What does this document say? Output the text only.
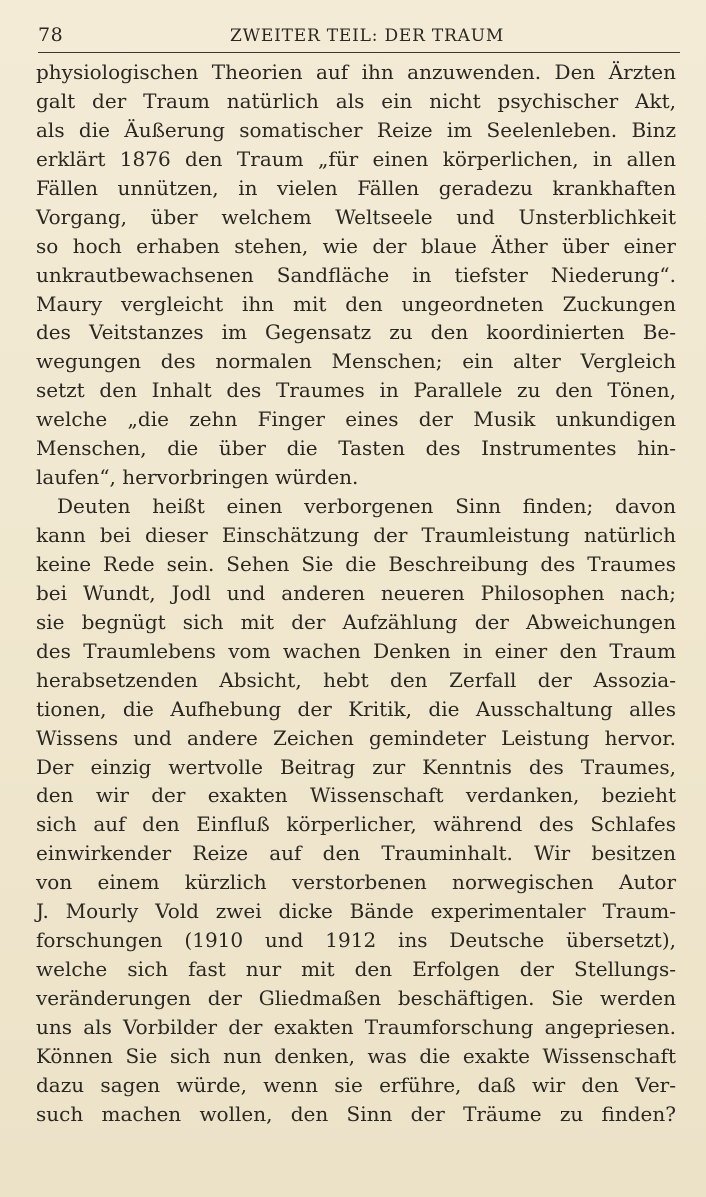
78	ZWEITER TEIL: DER TRAUM
physiologischen Theorien auf ihn anzuwenden. Den Ärzten
galt der Traum natürlich als ein nicht psychischer Akt,
als die Äußerung somatischer Reize im Seelenleben. Binz
erklärt 1876 den Traum „für einen körperlichen, in allen
Fällen unnützen, in vielen Fällen geradezu krankhaften
Vorgang, über welchem Weltseele und Unsterblichkeit
so hoch erhaben stehen, wie der blaue Äther über einer
unkrautbewachsenen Sandfläche in tiefster Niederung“.
Maury vergleicht ihn mit den ungeordneten Zuckungen
des Veitstanzes im Gegensatz zu den koordinierten Be-
wegungen des normalen Menschen; ein alter Vergleich
setzt den Inhalt des Traumes in Parallele zu den Tönen,
welche „die zehn Finger eines der Musik unkundigen
Menschen, die über die Tasten des Instrumentes hin-
laufen“, hervorbringen würden.
Deuten heißt einen verborgenen Sinn finden; davon
kann bei dieser Einschätzung der Traumleistung natürlich
keine Rede sein. Sehen Sie die Beschreibung des Traumes
bei Wundt, Jodl und anderen neueren Philosophen nach;
sie begnügt sich mit der Aufzählung der Abweichungen
des Traumlebens vom wachen Denken in einer den Traum
herabsetzenden Absicht, hebt den Zerfall der Assozia-
tionen, die Aufhebung der Kritik, die Ausschaltung alles
Wissens und andere Zeichen gemindeter Leistung hervor.
Der einzig wertvolle Beitrag zur Kenntnis des Traumes,
den wir der exakten Wissenschaft verdanken, bezieht
sich auf den Einfluß körperlicher, während des Schlafes
einwirkender Reize auf den Trauminhalt. Wir besitzen
von einem kürzlich verstorbenen norwegischen Autor
J. Mourly Vold zwei dicke Bände experimentaler Traum-
forschungen (1910 und 1912 ins Deutsche übersetzt),
welche sich fast nur mit den Erfolgen der Stellungs-
veränderungen der Gliedmaßen beschäftigen. Sie werden
uns als Vorbilder der exakten Traumforschung angepriesen.
Können Sie sich nun denken, was die exakte Wissenschaft
dazu sagen würde, wenn sie erführe, daß wir den Ver-
such machen wollen, den Sinn der Träume zu finden?
